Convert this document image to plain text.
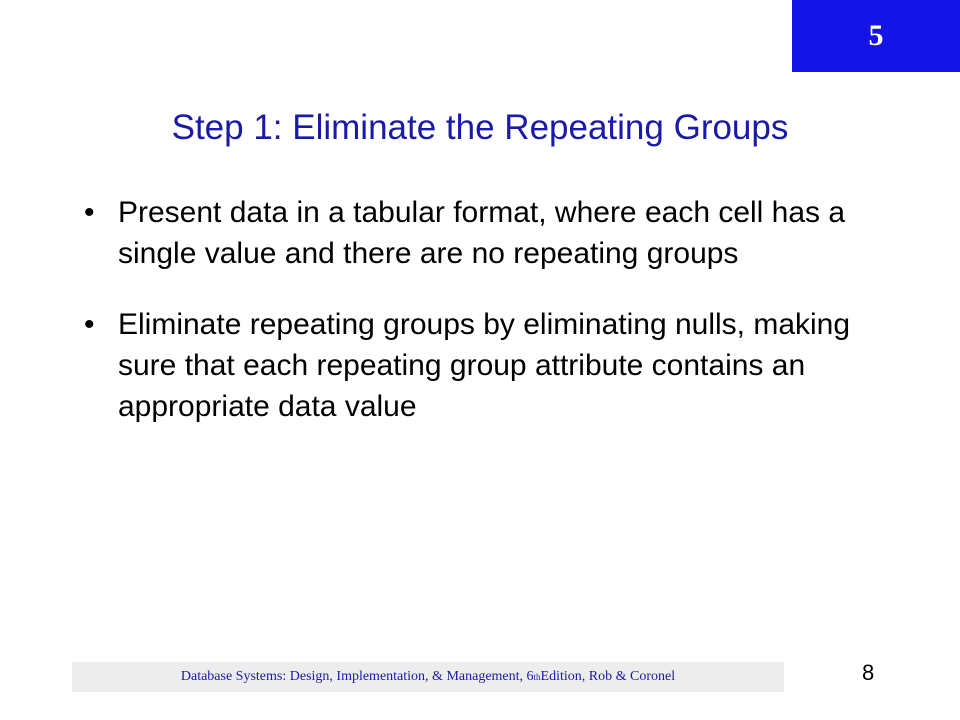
5
Step 1: Eliminate the Repeating Groups
• Present data in a tabular format, where each cell has a single value and there are no repeating groups
• Eliminate repeating groups by eliminating nulls, making sure that each repeating group attribute contains an appropriate data value
Database Systems: Design, Implementation, & Management, 6 th Edition, Rob & Coronel	8
